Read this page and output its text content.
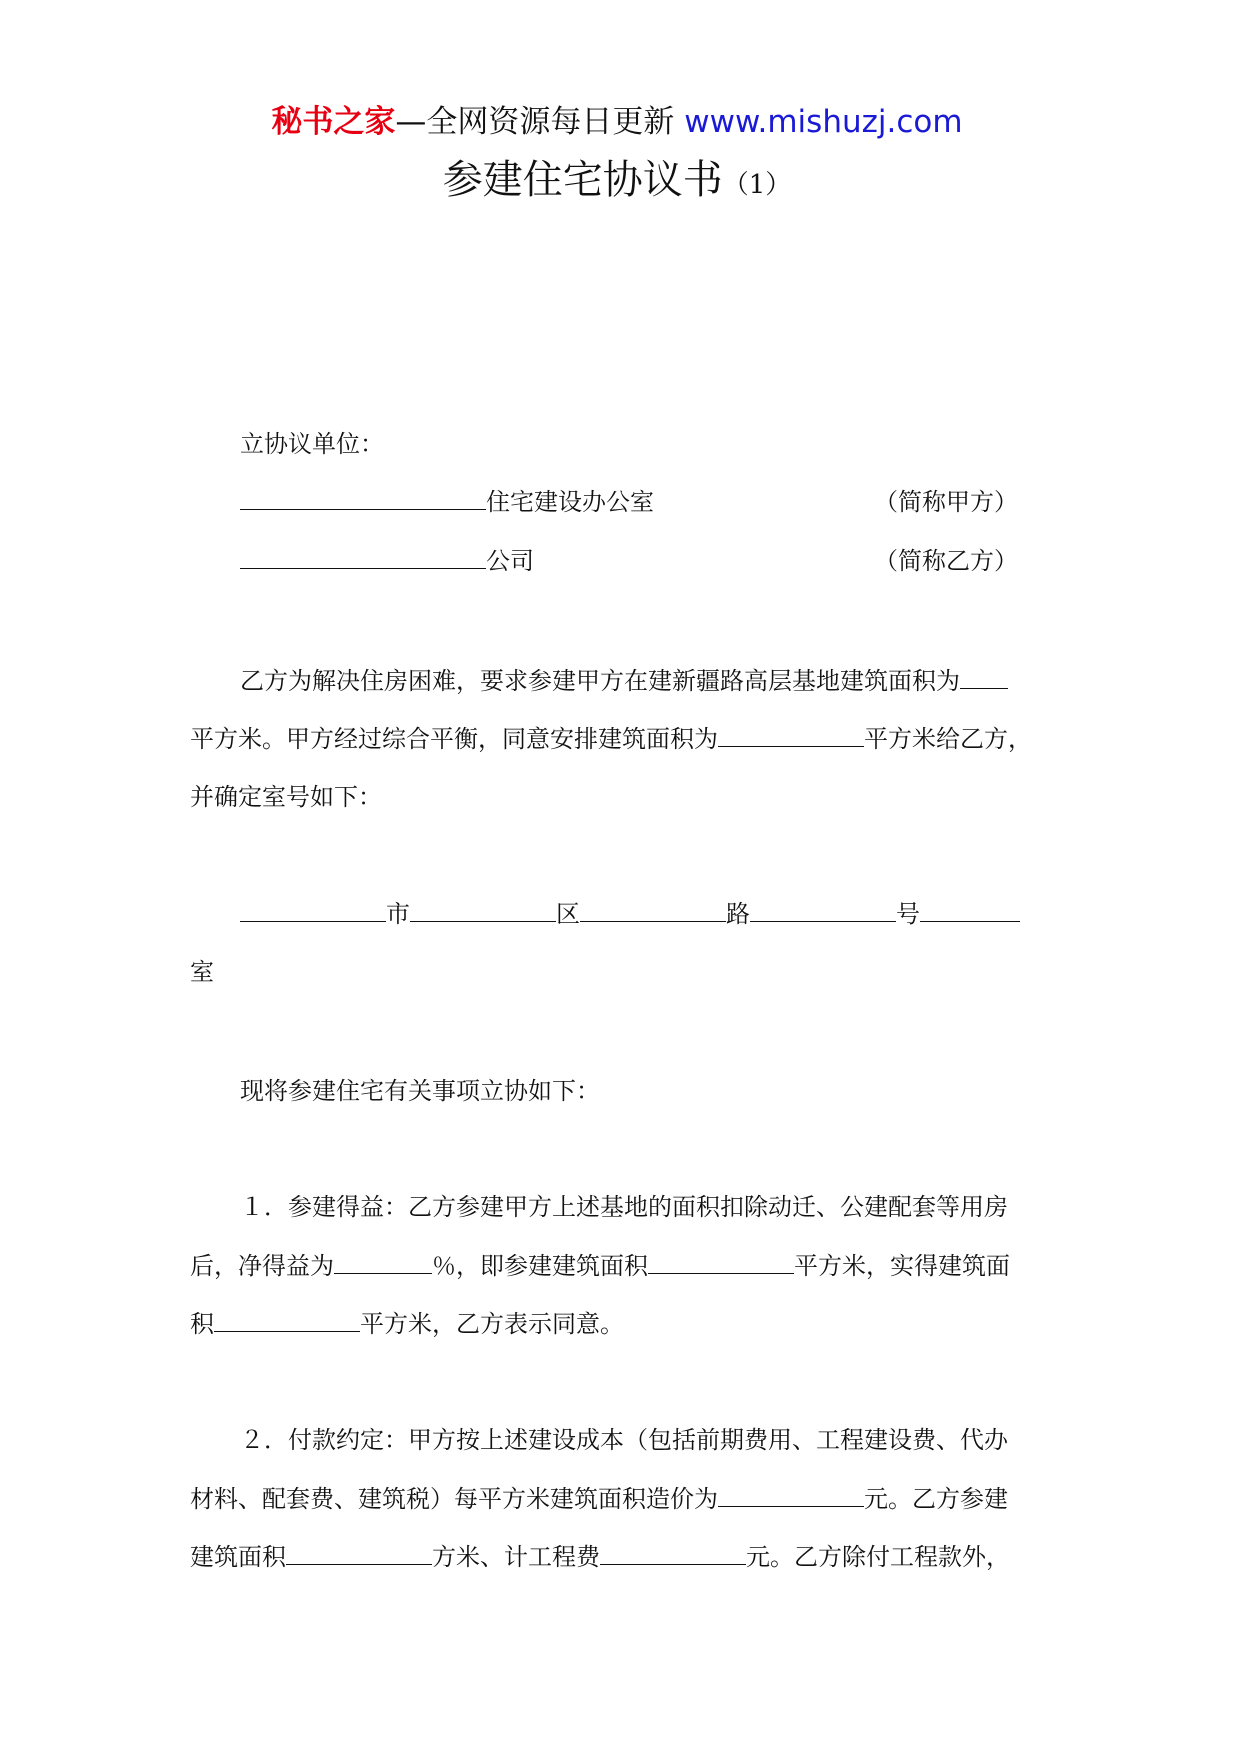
秘书之家—全网资源每日更新 www.mishuzj.com
参建住宅协议书（1）
立协议单位：
住宅建设办公室	（简称甲方）
公司	（简称乙方）
乙方为解决住房困难，要求参建甲方在建新疆路高层基地建筑面积为
平方米。甲方经过综合平衡，同意安排建筑面积为	平方米给乙方，
并确定室号如下：
市	区	路	号
室
现将参建住宅有关事项立协如下：
１．参建得益：乙方参建甲方上述基地的面积扣除动迁、公建配套等用房
后，净得益为	％，即参建建筑面积	平方米，实得建筑面
积	平方米，乙方表示同意。
２．付款约定：甲方按上述建设成本（包括前期费用、工程建设费、代办
材料、配套费、建筑税）每平方米建筑面积造价为	元。乙方参建
建筑面积	方米、计工程费	元。乙方除付工程款外，
